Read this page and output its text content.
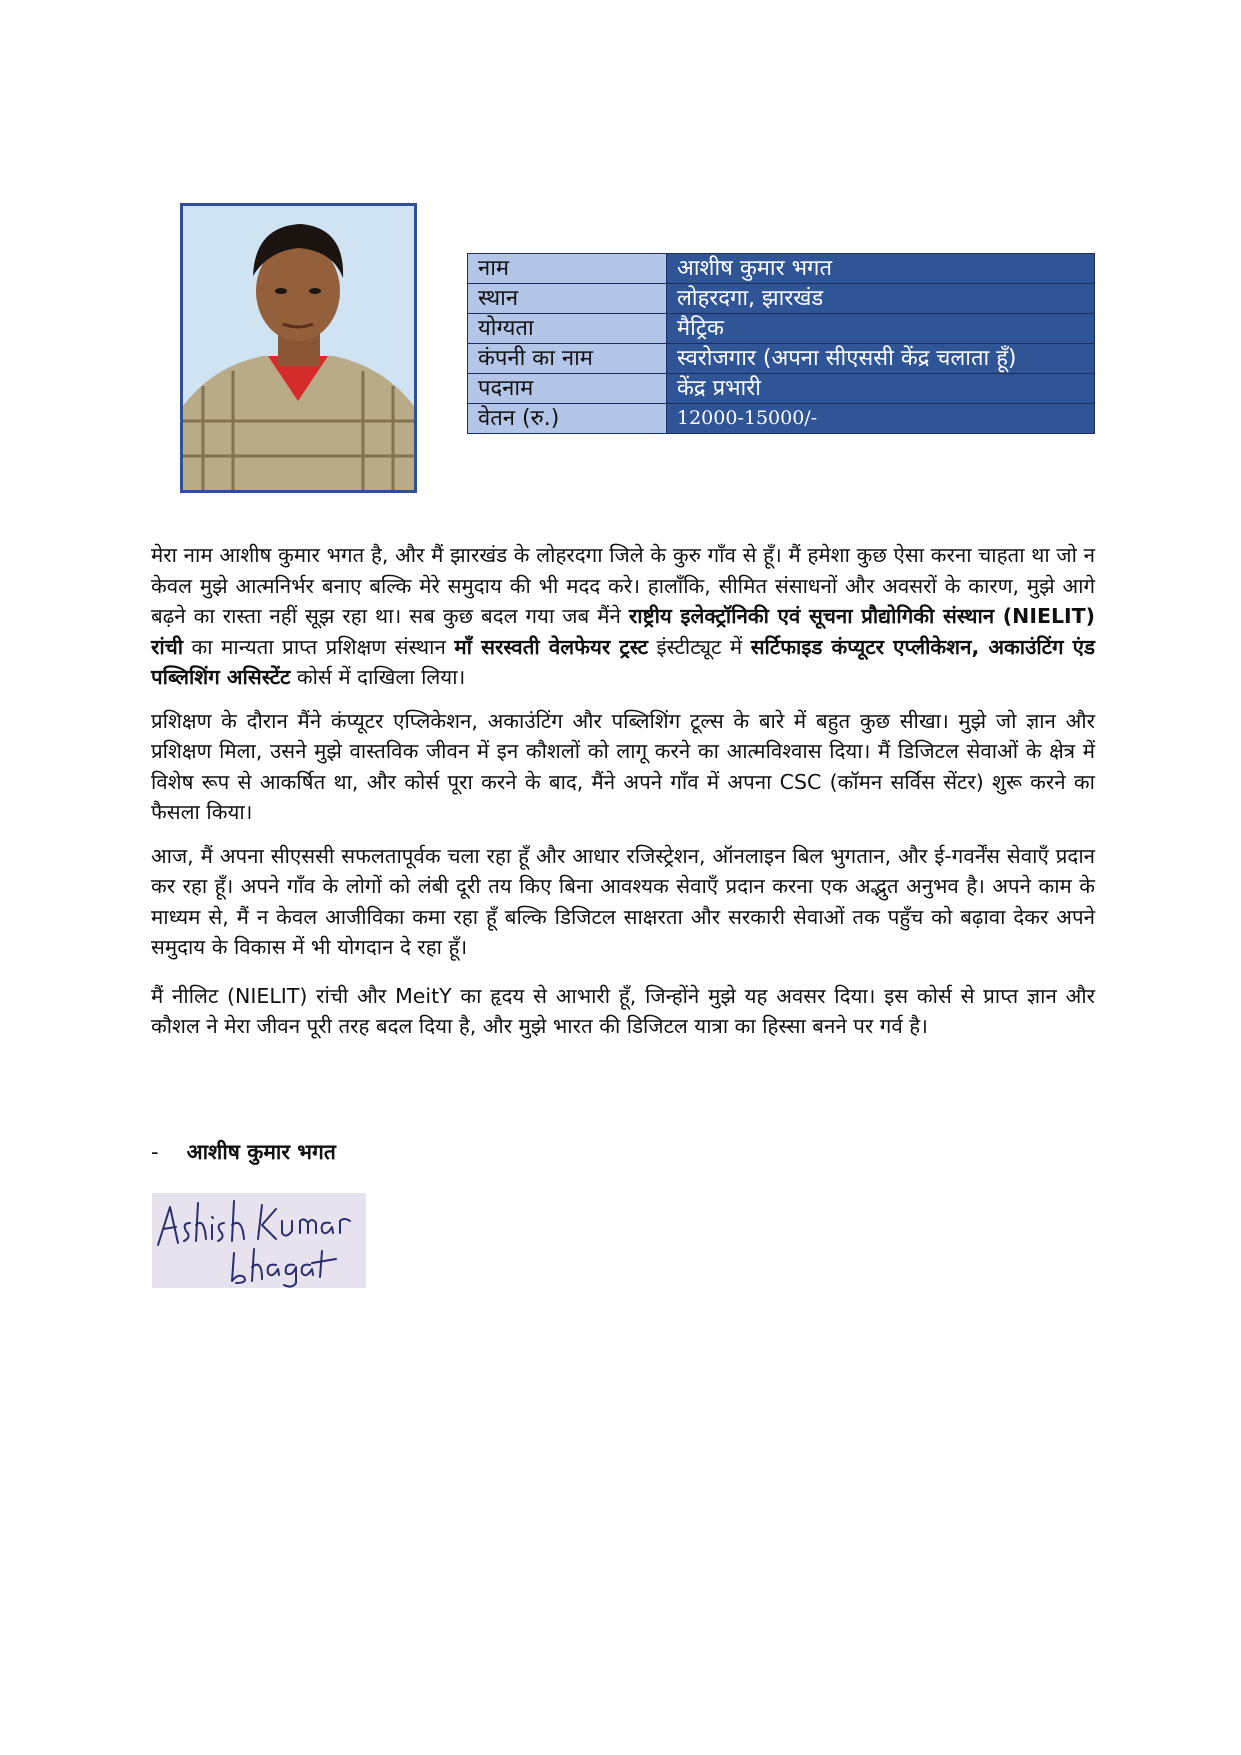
नाम	आशीष कुमार भगत
स्थान	लोहरदगा, झारखंड
योग्यता	मैट्रिक
कंपनी का नाम	स्वरोजगार (अपना सीएससी केंद्र चलाता हूँ)
पदनाम	केंद्र प्रभारी
वेतन (रु.)	12000-15000/-

मेरा नाम आशीष कुमार भगत है, और मैं झारखंड के लोहरदगा जिले के कुरु गाँव से हूँ। मैं हमेशा कुछ ऐसा करना चाहता था जो न केवल मुझे आत्मनिर्भर बनाए बल्कि मेरे समुदाय की भी मदद करे। हालाँकि, सीमित संसाधनों और अवसरों के कारण, मुझे आगे बढ़ने का रास्ता नहीं सूझ रहा था। सब कुछ बदल गया जब मैंने राष्ट्रीय इलेक्ट्रॉनिकी एवं सूचना प्रौद्योगिकी संस्थान (NIELIT) रांची का मान्यता प्राप्त प्रशिक्षण संस्थान माँ सरस्वती वेलफेयर ट्रस्ट इंस्टीट्यूट में सर्टिफाइड कंप्यूटर एप्लीकेशन, अकाउंटिंग एंड पब्लिशिंग असिस्टेंट कोर्स में दाखिला लिया।

प्रशिक्षण के दौरान मैंने कंप्यूटर एप्लिकेशन, अकाउंटिंग और पब्लिशिंग टूल्स के बारे में बहुत कुछ सीखा। मुझे जो ज्ञान और प्रशिक्षण मिला, उसने मुझे वास्तविक जीवन में इन कौशलों को लागू करने का आत्मविश्वास दिया। मैं डिजिटल सेवाओं के क्षेत्र में विशेष रूप से आकर्षित था, और कोर्स पूरा करने के बाद, मैंने अपने गाँव में अपना CSC (कॉमन सर्विस सेंटर) शुरू करने का फैसला किया।

आज, मैं अपना सीएससी सफलतापूर्वक चला रहा हूँ और आधार रजिस्ट्रेशन, ऑनलाइन बिल भुगतान, और ई-गवर्नेंस सेवाएँ प्रदान कर रहा हूँ। अपने गाँव के लोगों को लंबी दूरी तय किए बिना आवश्यक सेवाएँ प्रदान करना एक अद्भुत अनुभव है। अपने काम के माध्यम से, मैं न केवल आजीविका कमा रहा हूँ बल्कि डिजिटल साक्षरता और सरकारी सेवाओं तक पहुँच को बढ़ावा देकर अपने समुदाय के विकास में भी योगदान दे रहा हूँ।

मैं नीलिट (NIELIT) रांची और MeitY का हृदय से आभारी हूँ, जिन्होंने मुझे यह अवसर दिया। इस कोर्स से प्राप्त ज्ञान और कौशल ने मेरा जीवन पूरी तरह बदल दिया है, और मुझे भारत की डिजिटल यात्रा का हिस्सा बनने पर गर्व है।

- आशीष कुमार भगत
